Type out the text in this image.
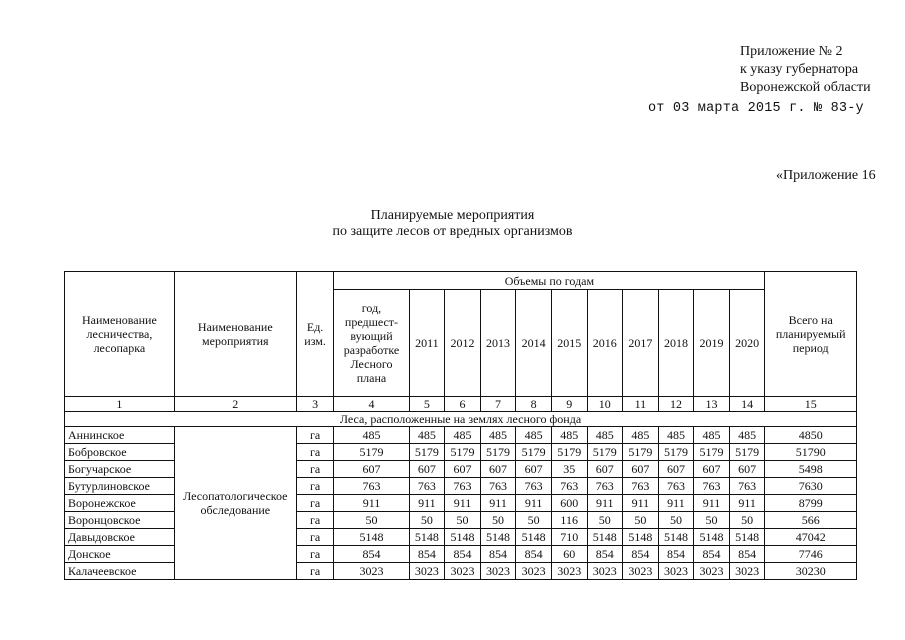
Приложение № 2
к указу губернатора
Воронежской области
от 03 марта 2015 г. № 83-у
«Приложение 16
Планируемые мероприятия
по защите лесов от вредных организмов
Наименование лесничества, лесопарка	Наименование мероприятия	Ед. изм.	Объемы по годам											Всего на планируемый период
			год, предшест-вующий разработке Лесного плана	2011	2012	2013	2014	2015	2016	2017	2018	2019	2020	
1	2	3	4	5	6	7	8	9	10	11	12	13	14	15
Леса, расположенные на землях лесного фонда														
Аннинское	Лесопатологическое обследование	га	485	485	485	485	485	485	485	485	485	485	485	4850
Бобровское		га	5179	5179	5179	5179	5179	5179	5179	5179	5179	5179	5179	51790
Богучарское		га	607	607	607	607	607	35	607	607	607	607	607	5498
Бутурлиновское		га	763	763	763	763	763	763	763	763	763	763	763	7630
Воронежское		га	911	911	911	911	911	600	911	911	911	911	911	8799
Воронцовское		га	50	50	50	50	50	116	50	50	50	50	50	566
Давыдовское		га	5148	5148	5148	5148	5148	710	5148	5148	5148	5148	5148	47042
Донское		га	854	854	854	854	854	60	854	854	854	854	854	7746
Калачеевское		га	3023	3023	3023	3023	3023	3023	3023	3023	3023	3023	3023	30230
